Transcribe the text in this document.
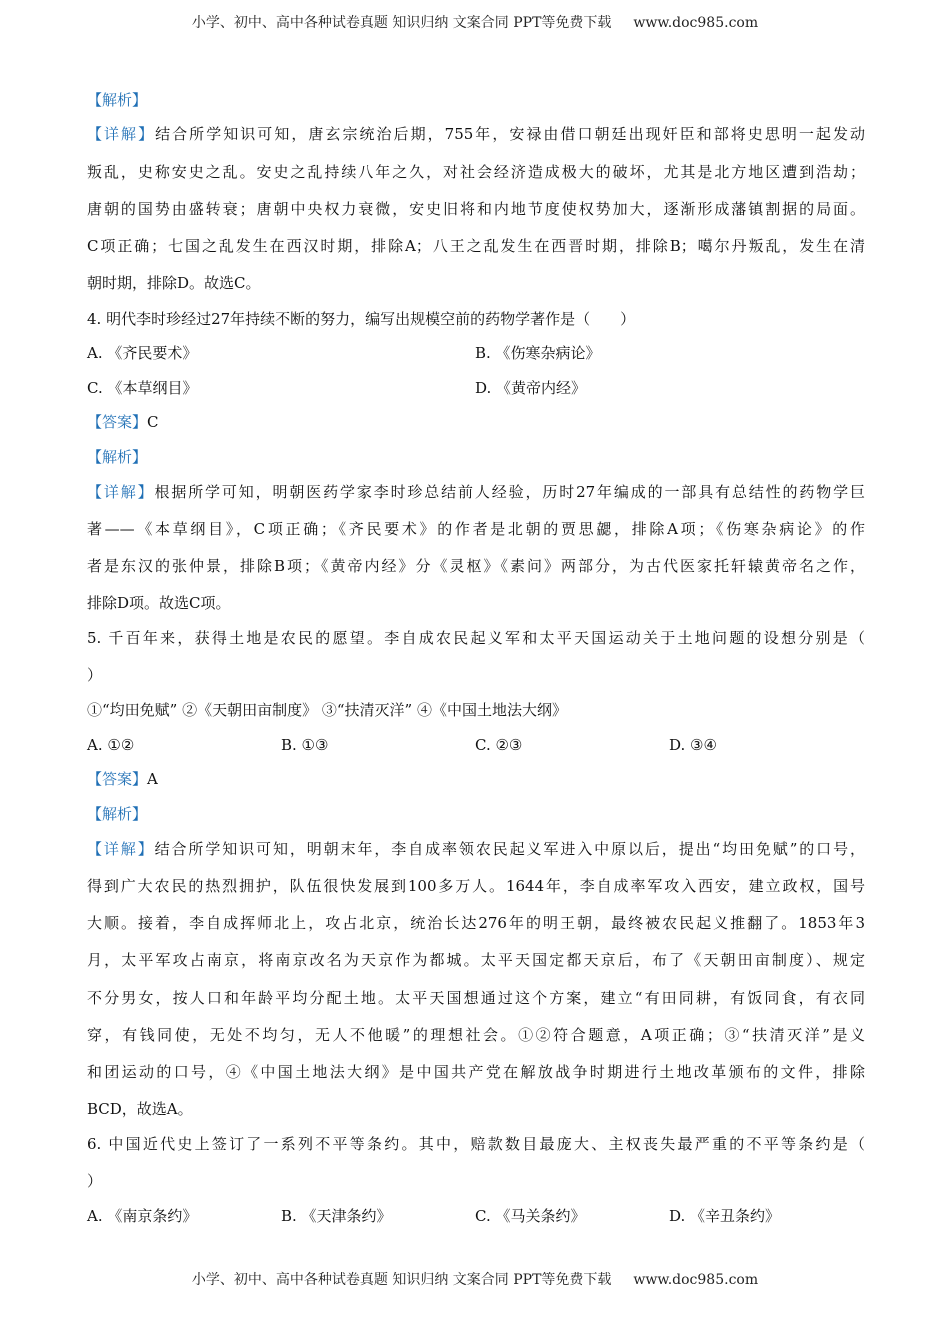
小学、初中、高中各种试卷真题 知识归纳 文案合同 PPT等免费下载 www.doc985.com
【解析】
【详解】结合所学知识可知，唐玄宗统治后期，755年，安禄由借口朝廷出现奸臣和部将史思明一起发动
叛乱，史称安史之乱。安史之乱持续八年之久，对社会经济造成极大的破坏，尤其是北方地区遭到浩劫；
唐朝的国势由盛转衰；唐朝中央权力衰微，安史旧将和内地节度使权势加大，逐渐形成藩镇割据的局面。
C项正确；七国之乱发生在西汉时期，排除A；八王之乱发生在西晋时期，排除B；噶尔丹叛乱，发生在清
朝时期，排除D。故选C。
4. 明代李时珍经过27年持续不断的努力，编写出规模空前的药物学著作是（　　）
A. 《齐民要术》	B. 《伤寒杂病论》
C. 《本草纲目》	D. 《黄帝内经》
【答案】C
【解析】
【详解】根据所学可知，明朝医药学家李时珍总结前人经验，历时27年编成的一部具有总结性的药物学巨
著——《本草纲目》，C项正确；《齐民要术》的作者是北朝的贾思勰，排除A项；《伤寒杂病论》的作
者是东汉的张仲景，排除B项；《黄帝内经》分《灵枢》《素问》两部分，为古代医家托轩辕黄帝名之作，
排除D项。故选C项。
5. 千百年来，获得土地是农民的愿望。李自成农民起义军和太平天国运动关于土地问题的设想分别是（
）
①“均田免赋” ②《天朝田亩制度》 ③“扶清灭洋” ④《中国土地法大纲》
A. ①②	B. ①③	C. ②③	D. ③④
【答案】A
【解析】
【详解】结合所学知识可知，明朝末年，李自成率领农民起义军进入中原以后，提出“均田免赋”的口号，
得到广大农民的热烈拥护，队伍很快发展到100多万人。1644年，李自成率军攻入西安，建立政权，国号
大顺。接着，李自成挥师北上，攻占北京，统治长达276年的明王朝，最终被农民起义推翻了。1853年3
月，太平军攻占南京，将南京改名为天京作为都城。太平天国定都天京后，布了《天朝田亩制度）、规定
不分男女，按人口和年龄平均分配土地。太平天国想通过这个方案，建立“有田同耕，有饭同食，有衣同
穿，有钱同使，无处不均匀，无人不他暖”的理想社会。①②符合题意，A项正确；③“扶清灭洋”是义
和团运动的口号，④《中国土地法大纲》是中国共产党在解放战争时期进行土地改革颁布的文件，排除
BCD，故选A。
6. 中国近代史上签订了一系列不平等条约。其中，赔款数目最庞大、主权丧失最严重的不平等条约是（
）
A. 《南京条约》	B. 《天津条约》	C. 《马关条约》	D. 《辛丑条约》
小学、初中、高中各种试卷真题 知识归纳 文案合同 PPT等免费下载 www.doc985.com
